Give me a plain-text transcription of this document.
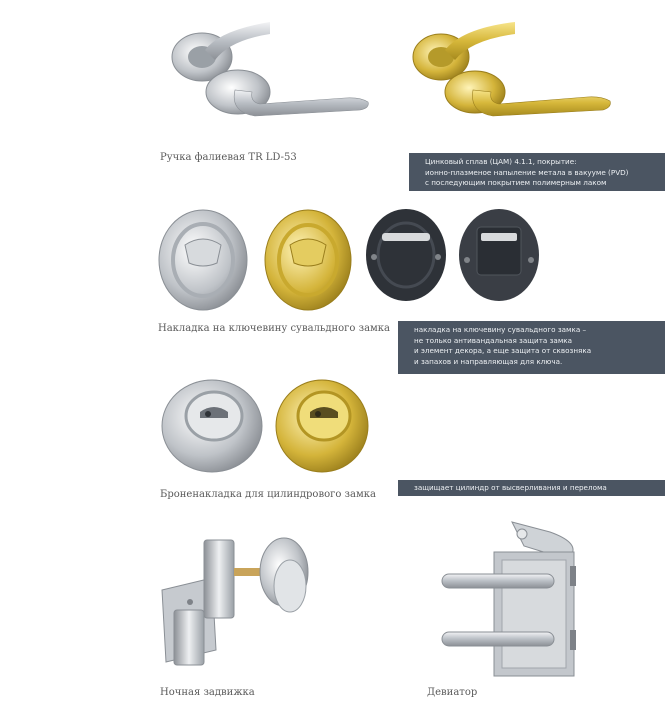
Ручка фалиевая TR LD-53	Цинковый сплав (ЦАМ) 4.1.1, покрытие:
ионно-плазменое напыление метала в вакууме (PVD)
с последующим покрытием полимерным лаком
Накладка на ключевину сувальдного замка	накладка на ключевину сувальдного замка –
не только антивандальная защита замка
и элемент декора, а еще защита от сквозняка
и запахов и направляющая для ключа.
Броненакладка для цилиндрового замка
защищает цилиндр от высверливания и перелома
Ночная задвижка	Девиатор
